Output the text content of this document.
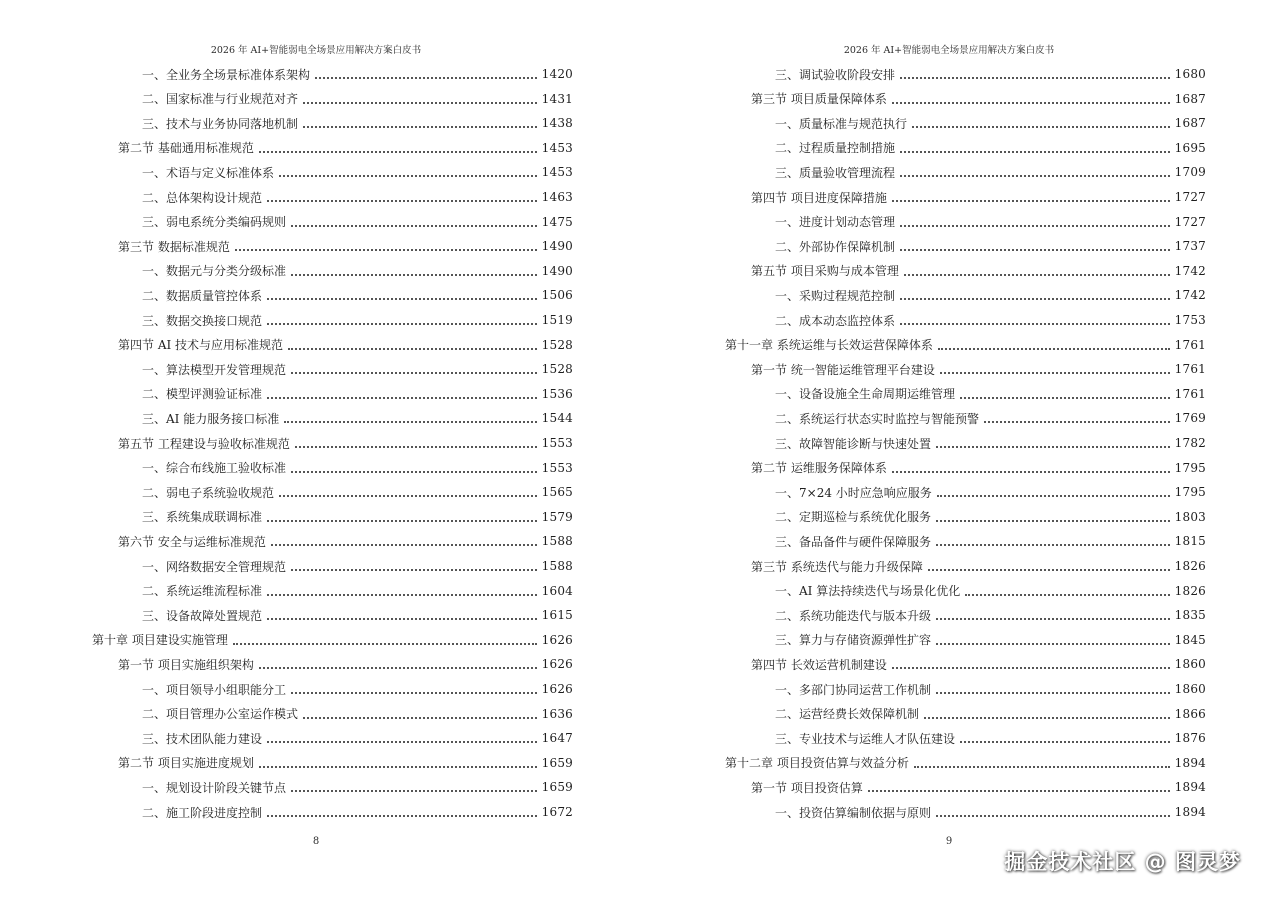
2026 年 AI+智能弱电全场景应用解决方案白皮书
一、全业务全场景标准体系架构	1420
二、国家标准与行业规范对齐	1431
三、技术与业务协同落地机制	1438
第二节 基础通用标准规范	1453
一、术语与定义标准体系	1453
二、总体架构设计规范	1463
三、弱电系统分类编码规则	1475
第三节 数据标准规范	1490
一、数据元与分类分级标准	1490
二、数据质量管控体系	1506
三、数据交换接口规范	1519
第四节 AI 技术与应用标准规范	1528
一、算法模型开发管理规范	1528
二、模型评测验证标准	1536
三、AI 能力服务接口标准	1544
第五节 工程建设与验收标准规范	1553
一、综合布线施工验收标准	1553
二、弱电子系统验收规范	1565
三、系统集成联调标准	1579
第六节 安全与运维标准规范	1588
一、网络数据安全管理规范	1588
二、系统运维流程标准	1604
三、设备故障处置规范	1615
第十章 项目建设实施管理	1626
第一节 项目实施组织架构	1626
一、项目领导小组职能分工	1626
二、项目管理办公室运作模式	1636
三、技术团队能力建设	1647
第二节 项目实施进度规划	1659
一、规划设计阶段关键节点	1659
二、施工阶段进度控制	1672
8
2026 年 AI+智能弱电全场景应用解决方案白皮书
三、调试验收阶段安排	1680
第三节 项目质量保障体系	1687
一、质量标准与规范执行	1687
二、过程质量控制措施	1695
三、质量验收管理流程	1709
第四节 项目进度保障措施	1727
一、进度计划动态管理	1727
二、外部协作保障机制	1737
第五节 项目采购与成本管理	1742
一、采购过程规范控制	1742
二、成本动态监控体系	1753
第十一章 系统运维与长效运营保障体系	1761
第一节 统一智能运维管理平台建设	1761
一、设备设施全生命周期运维管理	1761
二、系统运行状态实时监控与智能预警	1769
三、故障智能诊断与快速处置	1782
第二节 运维服务保障体系	1795
一、7×24 小时应急响应服务	1795
二、定期巡检与系统优化服务	1803
三、备品备件与硬件保障服务	1815
第三节 系统迭代与能力升级保障	1826
一、AI 算法持续迭代与场景化优化	1826
二、系统功能迭代与版本升级	1835
三、算力与存储资源弹性扩容	1845
第四节 长效运营机制建设	1860
一、多部门协同运营工作机制	1860
二、运营经费长效保障机制	1866
三、专业技术与运维人才队伍建设	1876
第十二章 项目投资估算与效益分析	1894
第一节 项目投资估算	1894
一、投资估算编制依据与原则	1894
9
掘金技术社区 @ 图灵梦
